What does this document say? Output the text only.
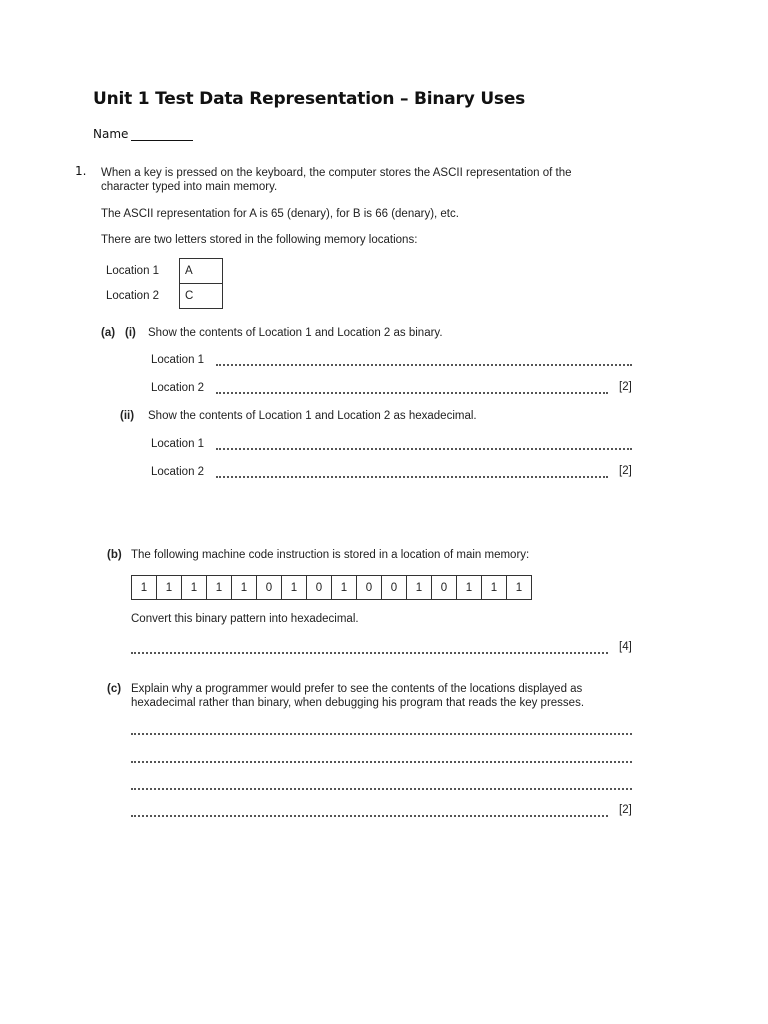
Unit 1 Test Data Representation – Binary Uses
Name
1. When a key is pressed on the keyboard, the computer stores the ASCII representation of the
character typed into main memory.
The ASCII representation for A is 65 (denary), for B is 66 (denary), etc.
There are two letters stored in the following memory locations:
Location 1	A
Location 2	C
(a) (i) Show the contents of Location 1 and Location 2 as binary.
Location 1
Location 2	[2]
(ii) Show the contents of Location 1 and Location 2 as hexadecimal.
Location 1
Location 2	[2]
(b) The following machine code instruction is stored in a location of main memory:
1	1	1	1	1	0	1	0	1	0	0	1	0	1	1	1
Convert this binary pattern into hexadecimal.
[4]
(c) Explain why a programmer would prefer to see the contents of the locations displayed as
hexadecimal rather than binary, when debugging his program that reads the key presses.
[2]
